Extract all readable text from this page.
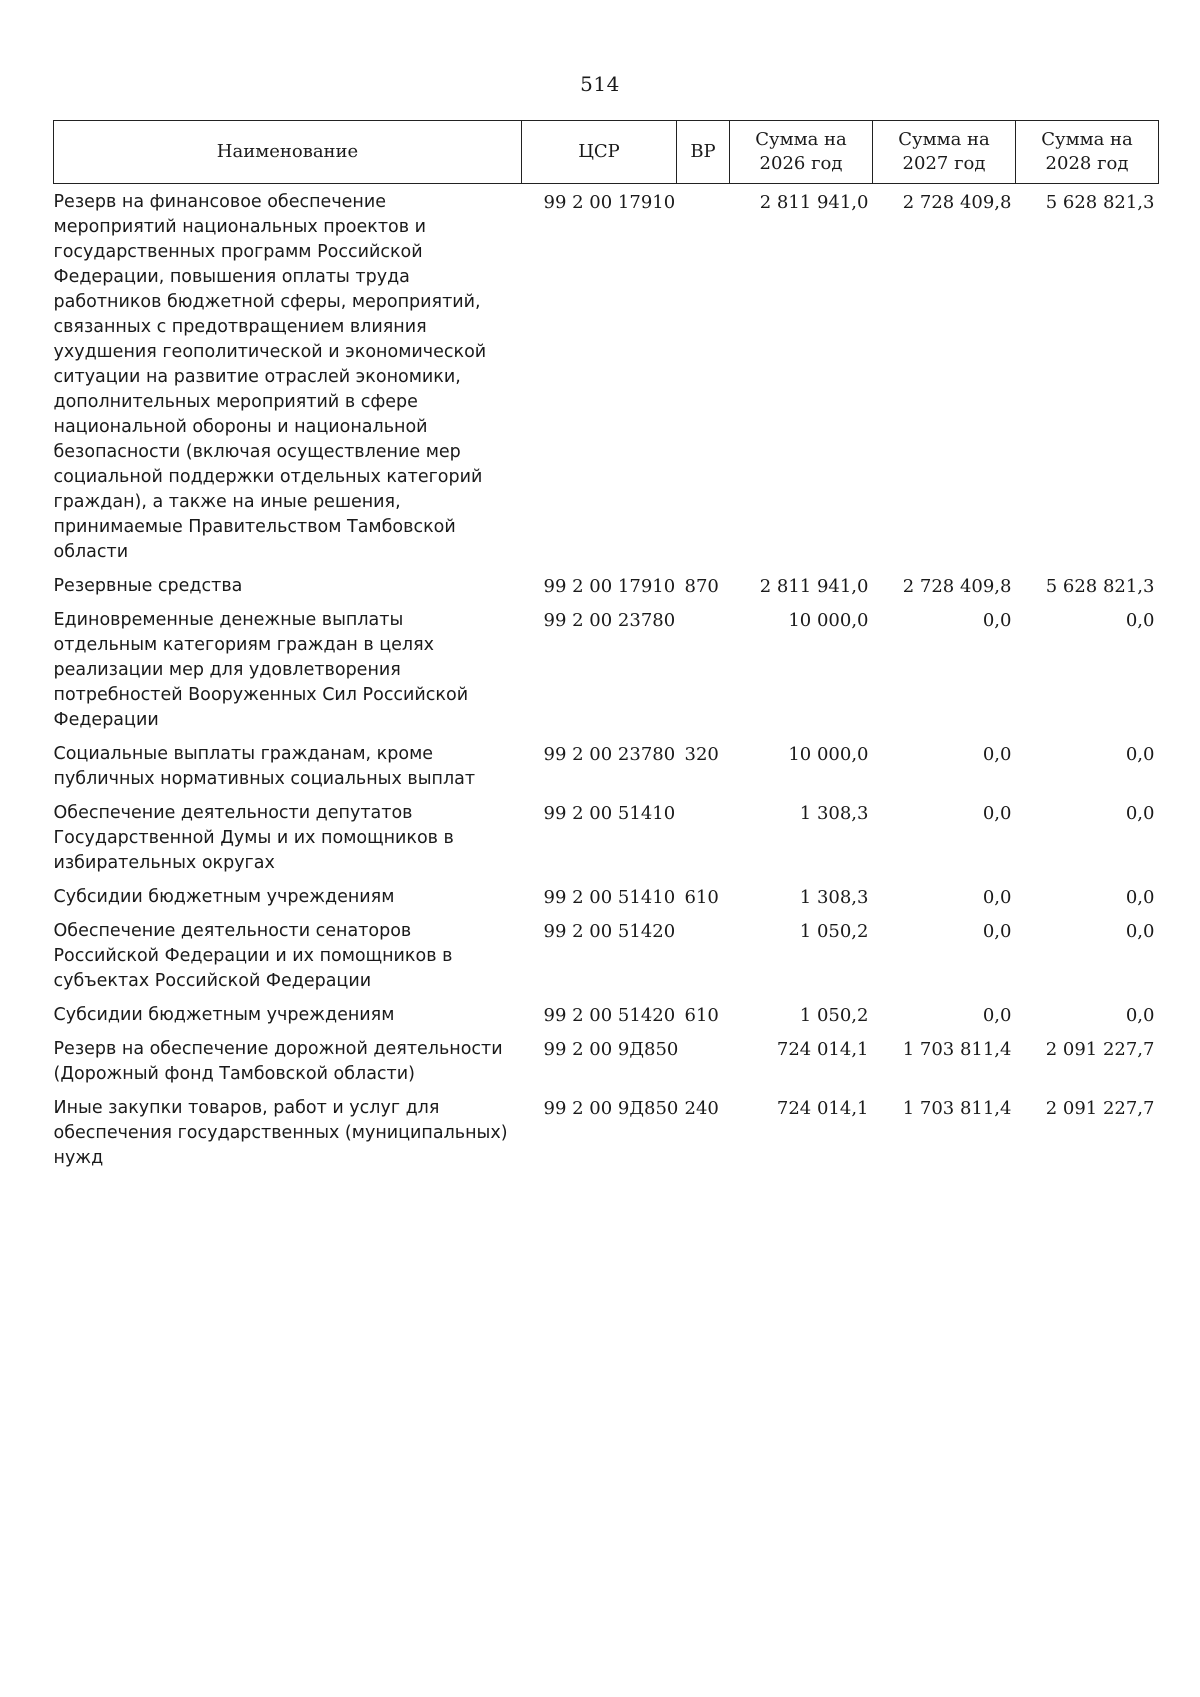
514
Наименование	ЦСР	ВР	Сумма на 2026 год	Сумма на 2027 год	Сумма на 2028 год
Резерв на финансовое обеспечение мероприятий национальных проектов и государственных программ Российской Федерации, повышения оплаты труда работников бюджетной сферы, мероприятий, связанных с предотвращением влияния ухудшения геополитической и экономической ситуации на развитие отраслей экономики, дополнительных мероприятий в сфере национальной обороны и национальной безопасности (включая осуществление мер социальной поддержки отдельных категорий граждан), а также на иные решения, принимаемые Правительством Тамбовской области	99 2 00 17910		2 811 941,0	2 728 409,8	5 628 821,3
Резервные средства	99 2 00 17910	870	2 811 941,0	2 728 409,8	5 628 821,3
Единовременные денежные выплаты отдельным категориям граждан в целях реализации мер для удовлетворения потребностей Вооруженных Сил Российской Федерации	99 2 00 23780		10 000,0	0,0	0,0
Социальные выплаты гражданам, кроме публичных нормативных социальных выплат	99 2 00 23780	320	10 000,0	0,0	0,0
Обеспечение деятельности депутатов Государственной Думы и их помощников в избирательных округах	99 2 00 51410		1 308,3	0,0	0,0
Субсидии бюджетным учреждениям	99 2 00 51410	610	1 308,3	0,0	0,0
Обеспечение деятельности сенаторов Российской Федерации и их помощников в субъектах Российской Федерации	99 2 00 51420		1 050,2	0,0	0,0
Субсидии бюджетным учреждениям	99 2 00 51420	610	1 050,2	0,0	0,0
Резерв на обеспечение дорожной деятельности (Дорожный фонд Тамбовской области)	99 2 00 9Д850		724 014,1	1 703 811,4	2 091 227,7
Иные закупки товаров, работ и услуг для обеспечения государственных (муниципальных) нужд	99 2 00 9Д850	240	724 014,1	1 703 811,4	2 091 227,7
